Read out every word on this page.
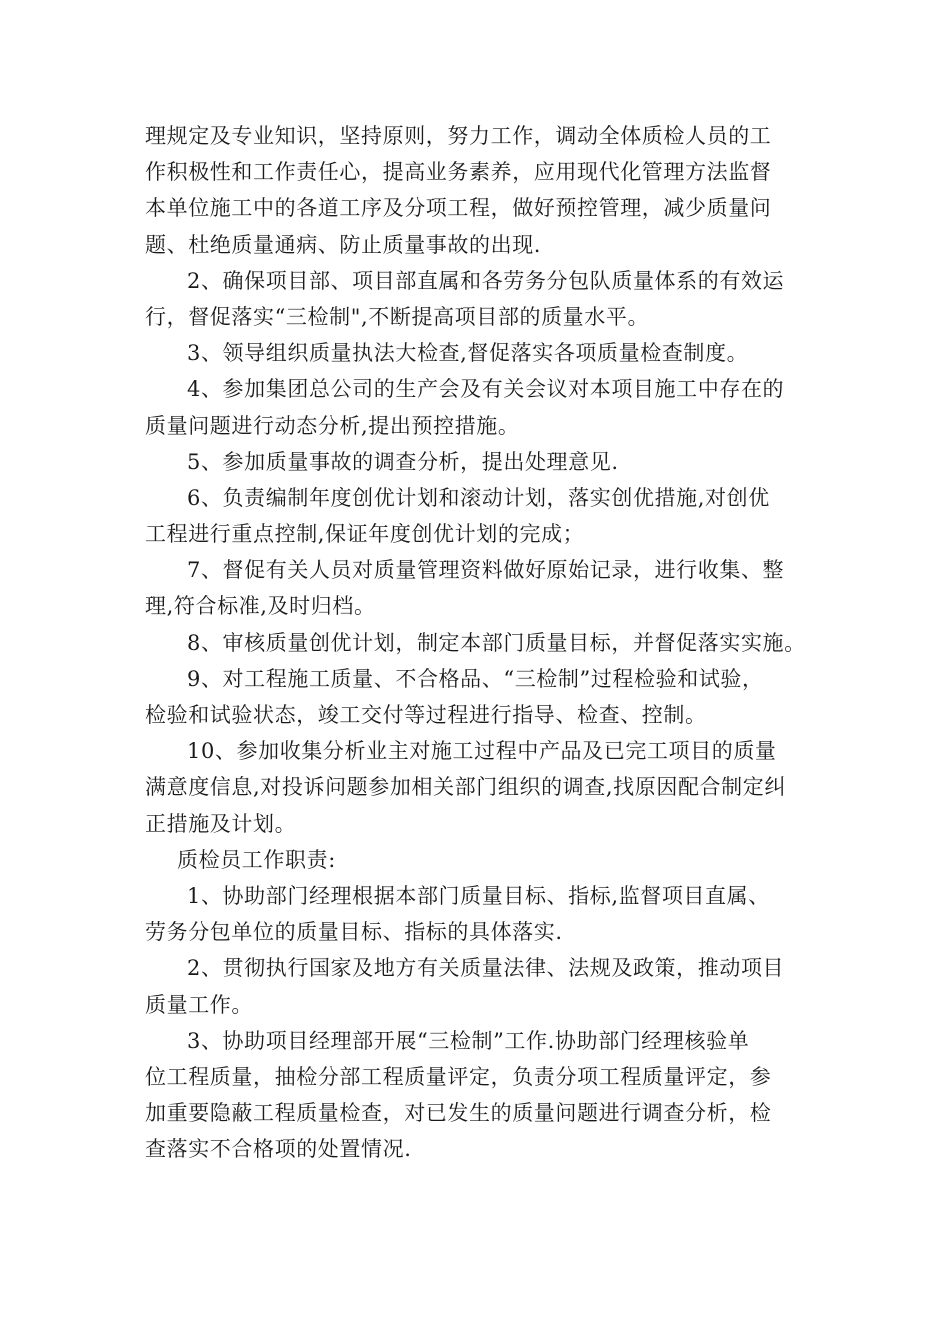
理规定及专业知识，坚持原则，努力工作，调动全体质检人员的工
作积极性和工作责任心，提高业务素养，应用现代化管理方法监督
本单位施工中的各道工序及分项工程，做好预控管理，减少质量问
题、杜绝质量通病、防止质量事故的出现.
2、确保项目部、项目部直属和各劳务分包队质量体系的有效运
行，督促落实“三检制",不断提高项目部的质量水平。
3、领导组织质量执法大检查,督促落实各项质量检查制度。
4、参加集团总公司的生产会及有关会议对本项目施工中存在的
质量问题进行动态分析,提出预控措施。
5、参加质量事故的调查分析，提出处理意见.
6、负责编制年度创优计划和滚动计划，落实创优措施,对创优
工程进行重点控制,保证年度创优计划的完成；
7、督促有关人员对质量管理资料做好原始记录，进行收集、整
理,符合标准,及时归档。
8、审核质量创优计划，制定本部门质量目标，并督促落实实施。
9、对工程施工质量、不合格品、“三检制”过程检验和试验，
检验和试验状态，竣工交付等过程进行指导、检查、控制。
10、参加收集分析业主对施工过程中产品及已完工项目的质量
满意度信息,对投诉问题参加相关部门组织的调查,找原因配合制定纠
正措施及计划。
质检员工作职责:
1、协助部门经理根据本部门质量目标、指标,监督项目直属、
劳务分包单位的质量目标、指标的具体落实.
2、贯彻执行国家及地方有关质量法律、法规及政策，推动项目
质量工作。
3、协助项目经理部开展“三检制”工作.协助部门经理核验单
位工程质量，抽检分部工程质量评定，负责分项工程质量评定，参
加重要隐蔽工程质量检查，对已发生的质量问题进行调查分析，检
查落实不合格项的处置情况.
